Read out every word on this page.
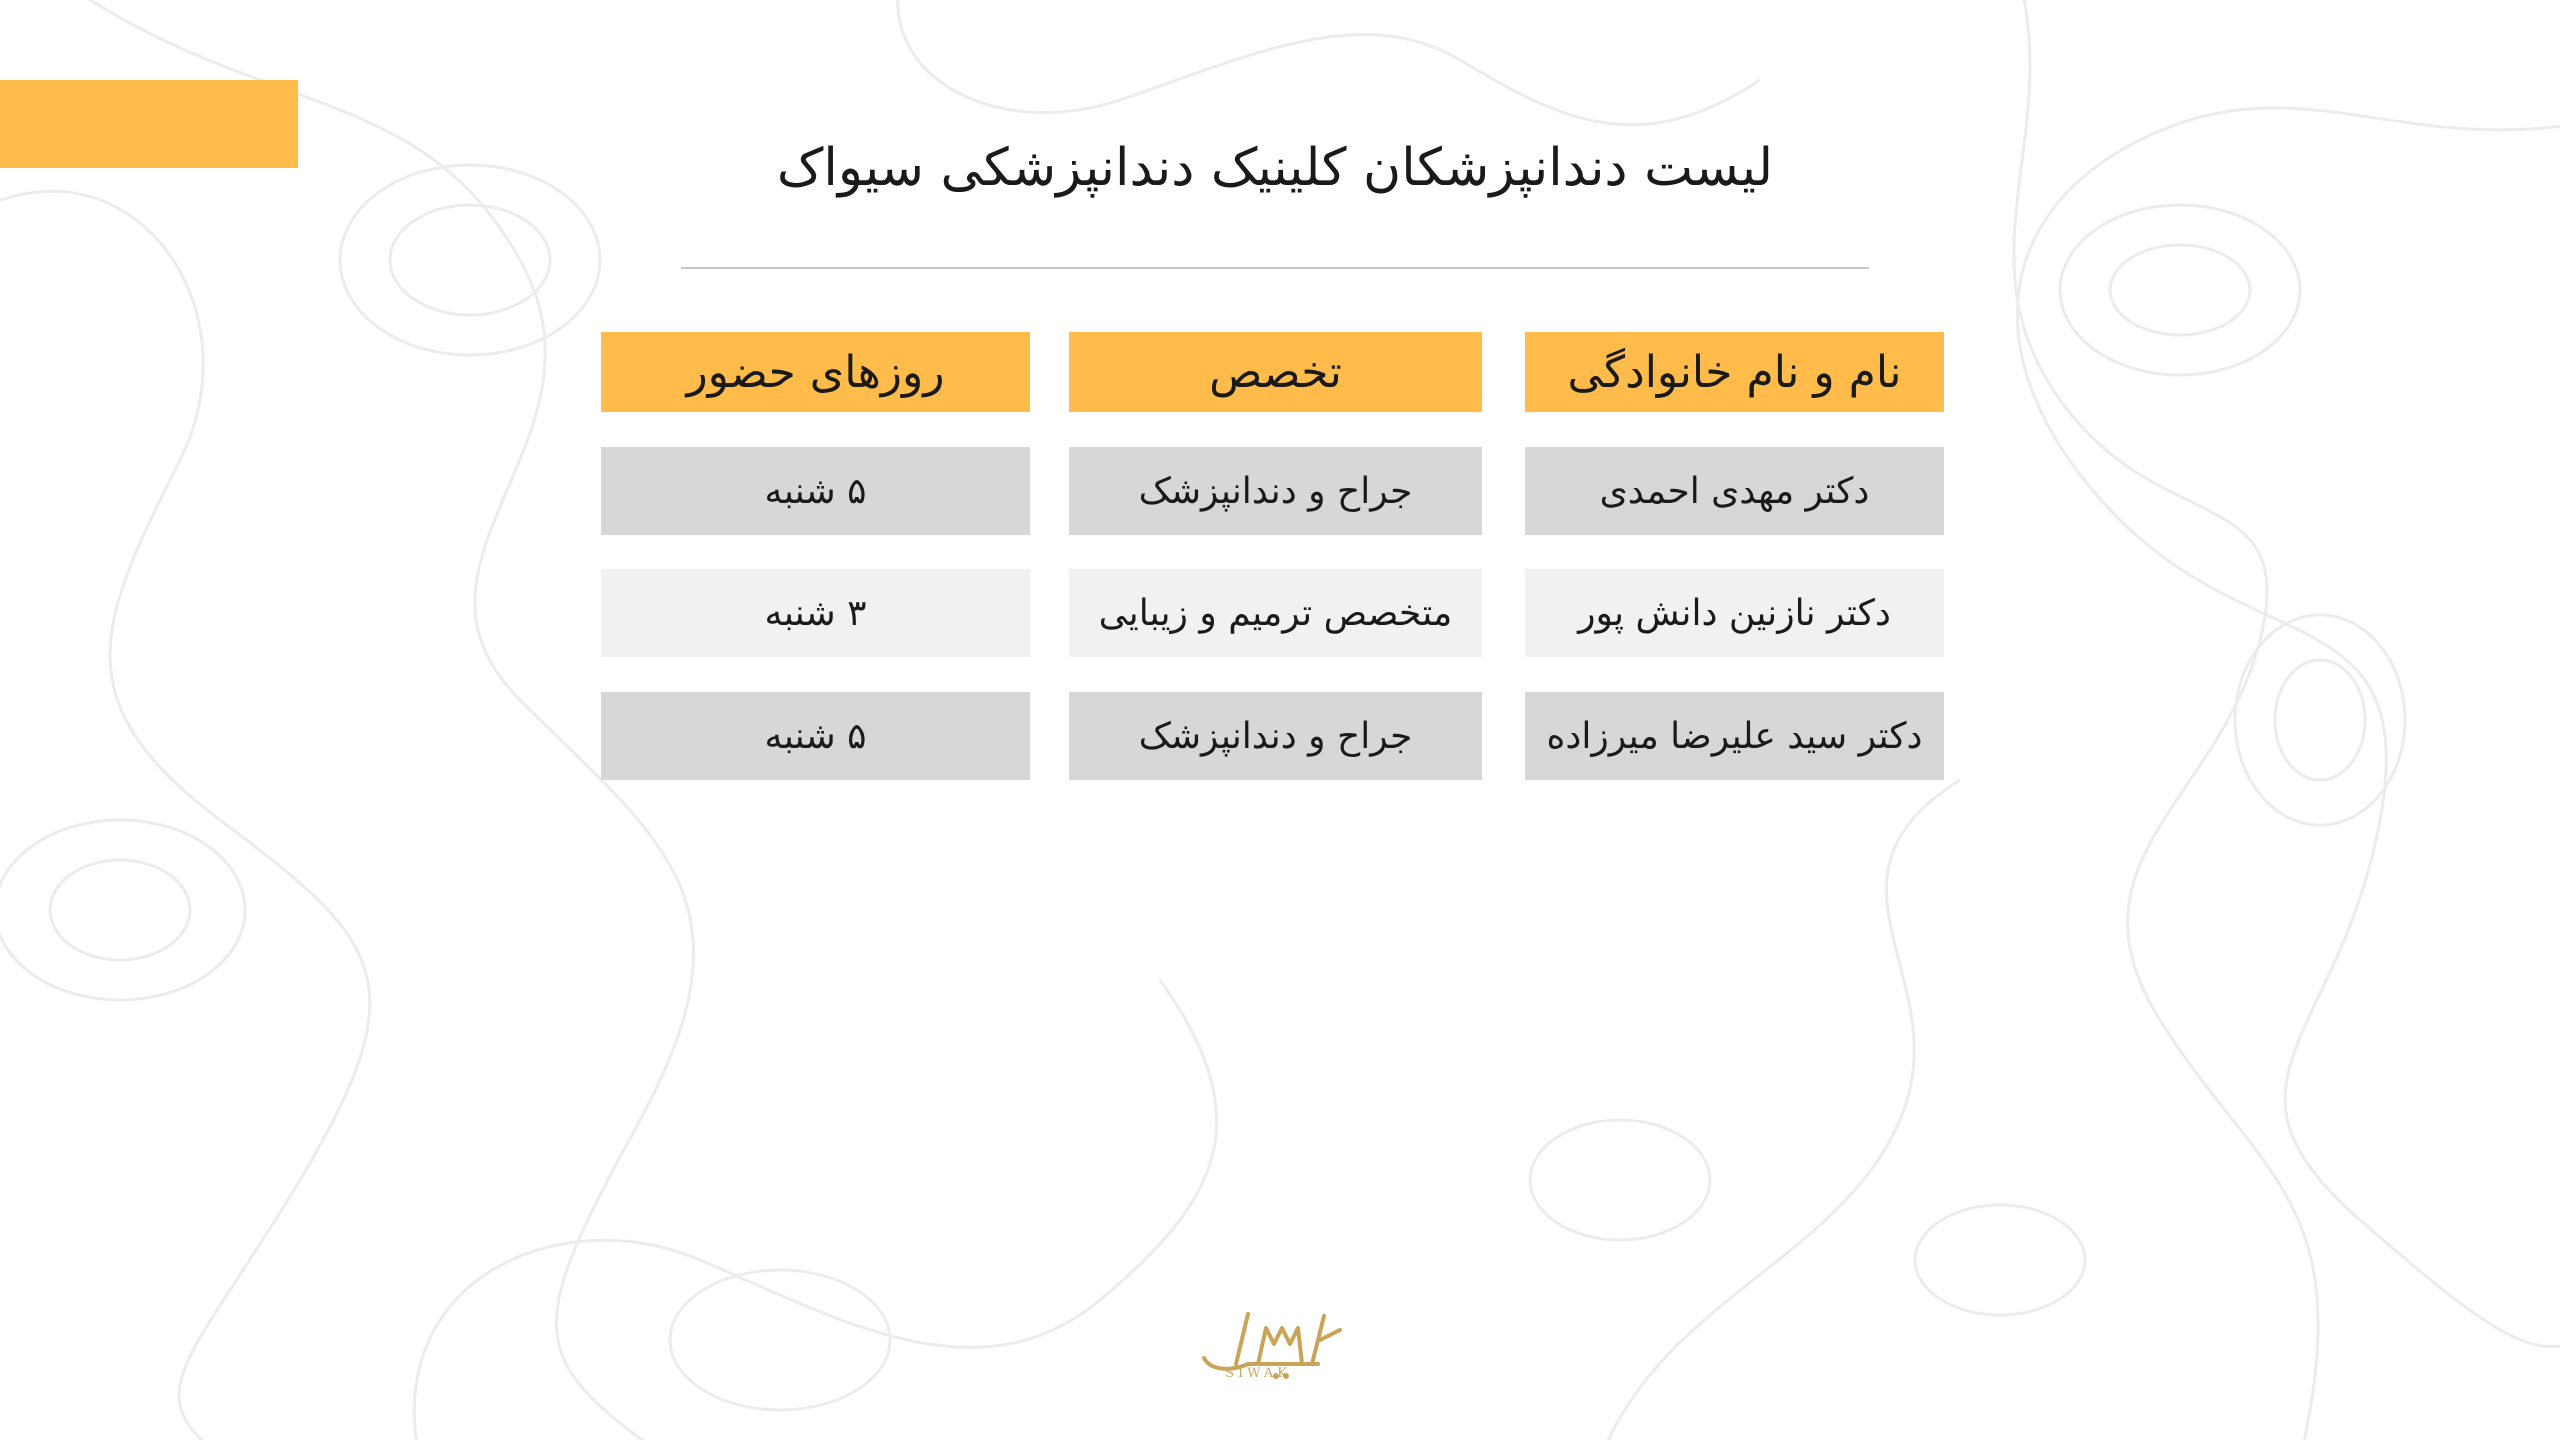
لیست دندانپزشکان کلینیک دندانپزشکی سیواک
نام و نام خانوادگی
تخصص
روزهای حضور
دکتر مهدی احمدی
جراح و دندانپزشک
۵ شنبه
دکتر نازنین دانش پور
متخصص ترمیم و زیبایی
۳ شنبه
دکتر سید علیرضا میرزاده
جراح و دندانپزشک
۵ شنبه
SIWAK
